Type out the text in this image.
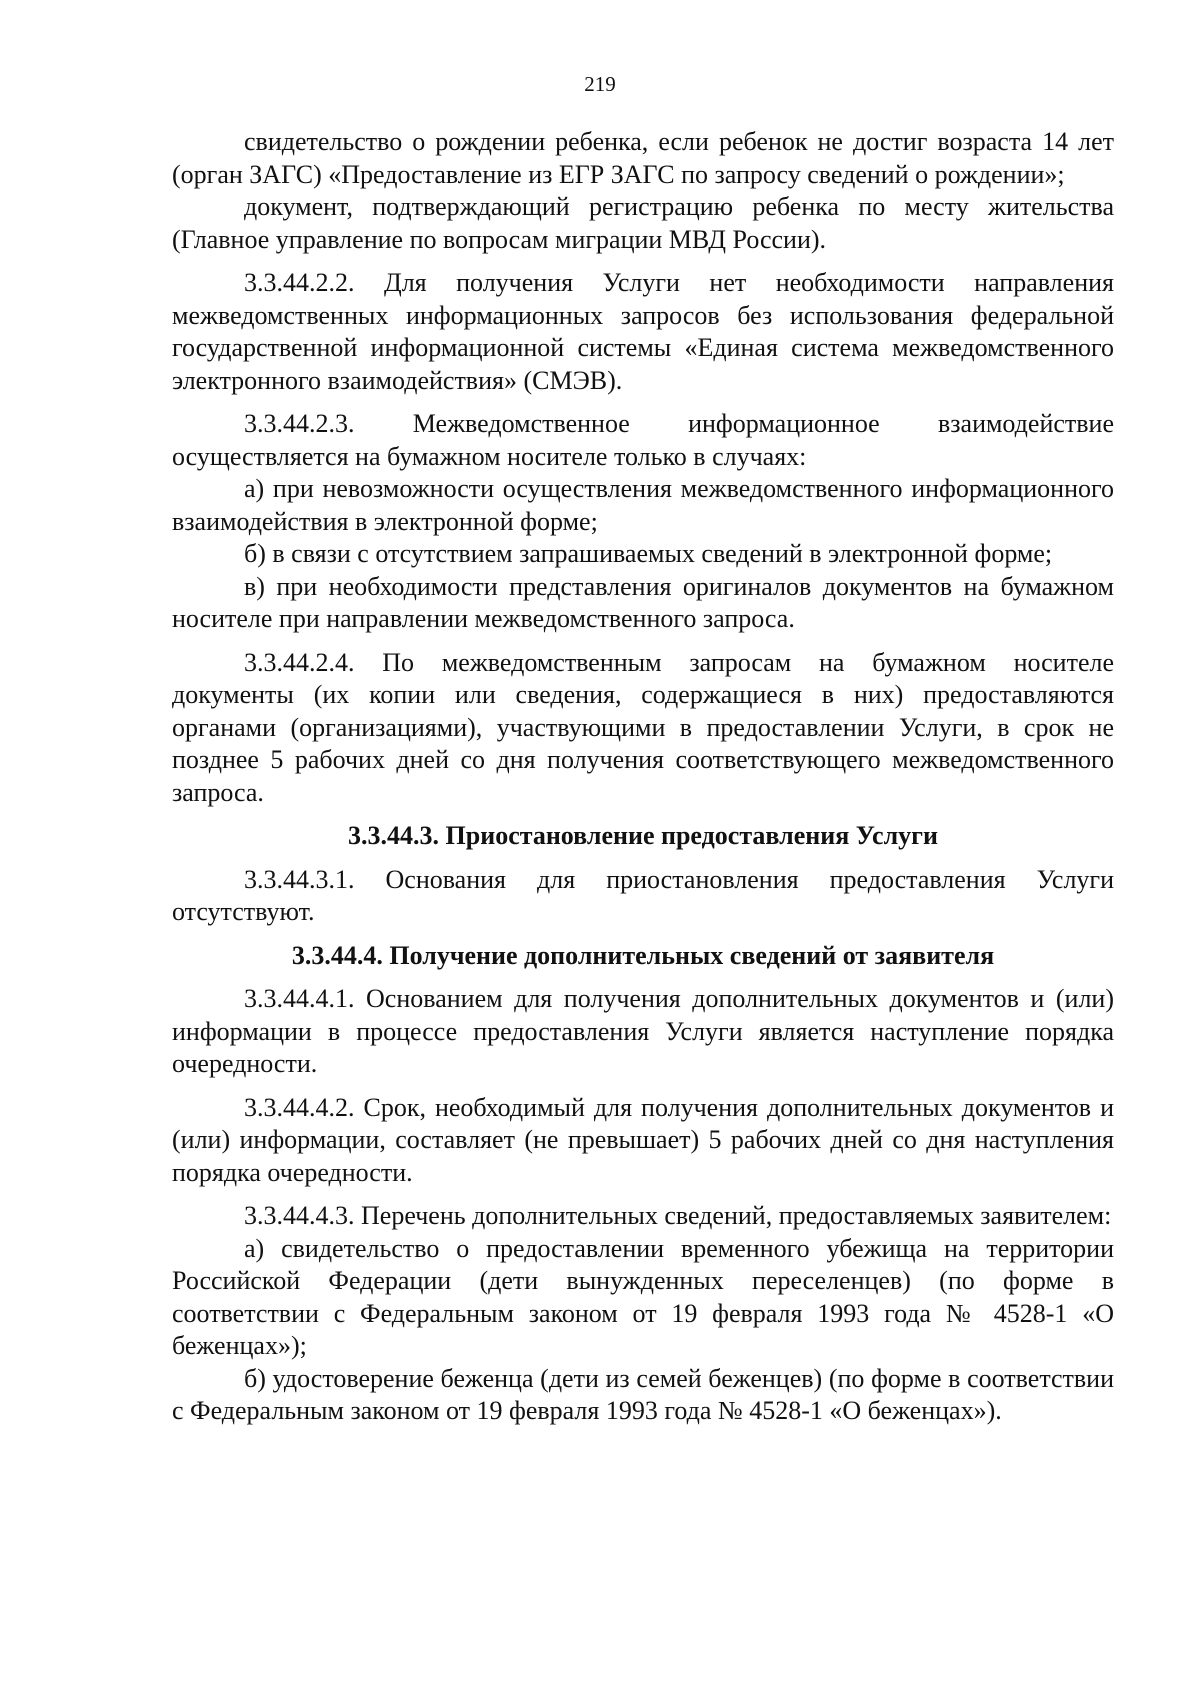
219

свидетельство о рождении ребенка, если ребенок не достиг возраста 14 лет (орган ЗАГС) «Предоставление из ЕГР ЗАГС по запросу сведений о рождении»;

документ, подтверждающий регистрацию ребенка по месту жительства (Главное управление по вопросам миграции МВД России).

3.3.44.2.2. Для получения Услуги нет необходимости направления межведомственных информационных запросов без использования федеральной государственной информационной системы «Единая система межведомственного электронного взаимодействия» (СМЭВ).

3.3.44.2.3. Межведомственное информационное взаимодействие осуществляется на бумажном носителе только в случаях:

а) при невозможности осуществления межведомственного информационного взаимодействия в электронной форме;

б) в связи с отсутствием запрашиваемых сведений в электронной форме;

в) при необходимости представления оригиналов документов на бумажном носителе при направлении межведомственного запроса.

3.3.44.2.4. По межведомственным запросам на бумажном носителе документы (их копии или сведения, содержащиеся в них) предоставляются органами (организациями), участвующими в предоставлении Услуги, в срок не позднее 5 рабочих дней со дня получения соответствующего межведомственного запроса.

3.3.44.3. Приостановление предоставления Услуги

3.3.44.3.1. Основания для приостановления предоставления Услуги отсутствуют.

3.3.44.4. Получение дополнительных сведений от заявителя

3.3.44.4.1. Основанием для получения дополнительных документов и (или) информации в процессе предоставления Услуги является наступление порядка очередности.

3.3.44.4.2. Срок, необходимый для получения дополнительных документов и (или) информации, составляет (не превышает) 5 рабочих дней со дня наступления порядка очередности.

3.3.44.4.3. Перечень дополнительных сведений, предоставляемых заявителем:

а) свидетельство о предоставлении временного убежища на территории Российской Федерации (дети вынужденных переселенцев) (по форме в соответствии с Федеральным законом от 19 февраля 1993 года № 4528-1 «О беженцах»);

б) удостоверение беженца (дети из семей беженцев) (по форме в соответствии с Федеральным законом от 19 февраля 1993 года № 4528-1 «О беженцах»).
